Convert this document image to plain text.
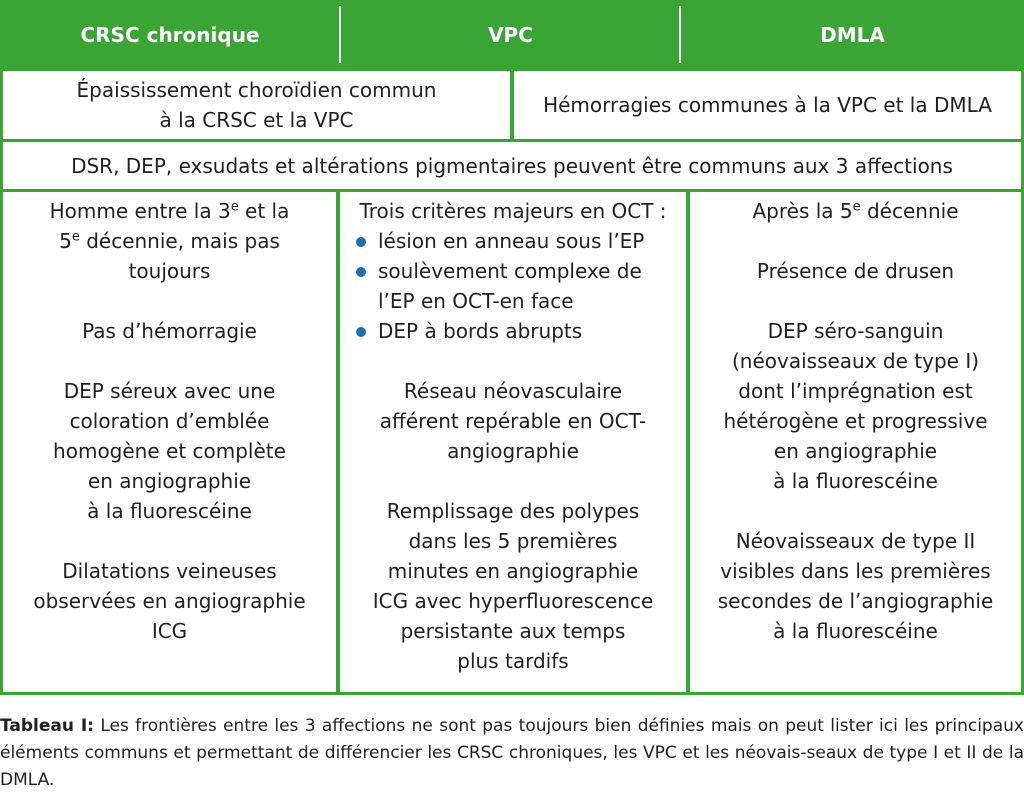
CRSC chronique	VPC	DMLA
Épaississement choroïdien commun
à la CRSC et la VPC
Hémorragies communes à la VPC et la DMLA
DSR, DEP, exsudats et altérations pigmentaires peuvent être communs aux 3 affections

Homme entre la 3e et la

5e décennie, mais pas

toujours

Pas d’hémorragie

DEP séreux avec une

coloration d’emblée

homogène et complète

en angiographie

à la fluorescéine

Dilatations veineuses

observées en angiographie

ICG

Trois critères majeurs en OCT :

lésion en anneau sous l’EP
soulèvement complexe de l’EP en OCT-en face
DEP à bords abrupts

Réseau néovasculaire

afférent repérable en OCT-

angiographie

Remplissage des polypes

dans les 5 premières

minutes en angiographie

ICG avec hyperfluorescence

persistante aux temps

plus tardifs

Après la 5e décennie

Présence de drusen

DEP séro-sanguin

(néovaisseaux de type I)

dont l’imprégnation est

hétérogène et progressive

en angiographie

à la fluorescéine

Néovaisseaux de type II

visibles dans les premières

secondes de l’angiographie

à la fluorescéine

Tableau I: Les frontières entre les 3 affections ne sont pas toujours bien définies mais on peut lister ici les principaux éléments communs et permettant de différencier les CRSC chroniques, les VPC et les néovais-seaux de type I et II de la DMLA.
